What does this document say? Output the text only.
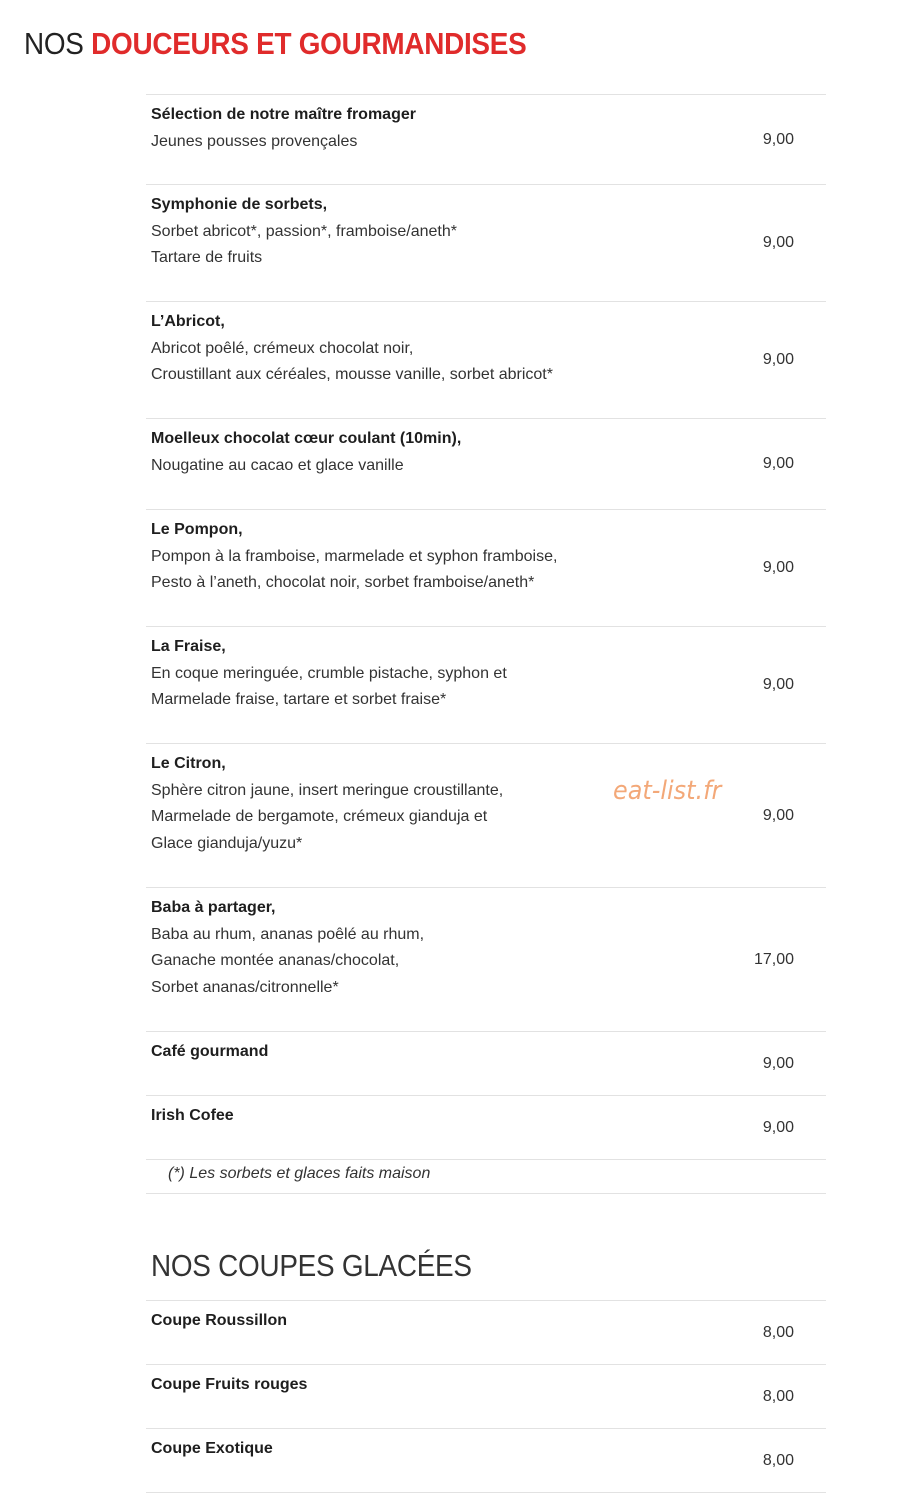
NOS DOUCEURS ET GOURMANDISES
Sélection de notre maître fromager
Jeunes pousses provençales	9,00
Symphonie de sorbets,
Sorbet abricot*, passion*, framboise/aneth*
Tartare de fruits
9,00
L’Abricot,
Abricot poêlé, crémeux chocolat noir,
Croustillant aux céréales, mousse vanille, sorbet abricot*
9,00
Moelleux chocolat cœur coulant (10min),
Nougatine au cacao et glace vanille	9,00
Le Pompon,
Pompon à la framboise, marmelade et syphon framboise,
Pesto à l’aneth, chocolat noir, sorbet framboise/aneth*
9,00
La Fraise,
En coque meringuée, crumble pistache, syphon et
Marmelade fraise, tartare et sorbet fraise*
9,00
Le Citron,
Sphère citron jaune, insert meringue croustillante,
Marmelade de bergamote, crémeux gianduja et
Glace gianduja/yuzu*
9,00
Baba à partager,
Baba au rhum, ananas poêlé au rhum,
Ganache montée ananas/chocolat,
Sorbet ananas/citronnelle*
17,00
Café gourmand
9,00
Irish Cofee
9,00
(*) Les sorbets et glaces faits maison
eat-list.fr
NOS COUPES GLACÉES
Coupe Roussillon
8,00
Coupe Fruits rouges
8,00
Coupe Exotique
8,00
